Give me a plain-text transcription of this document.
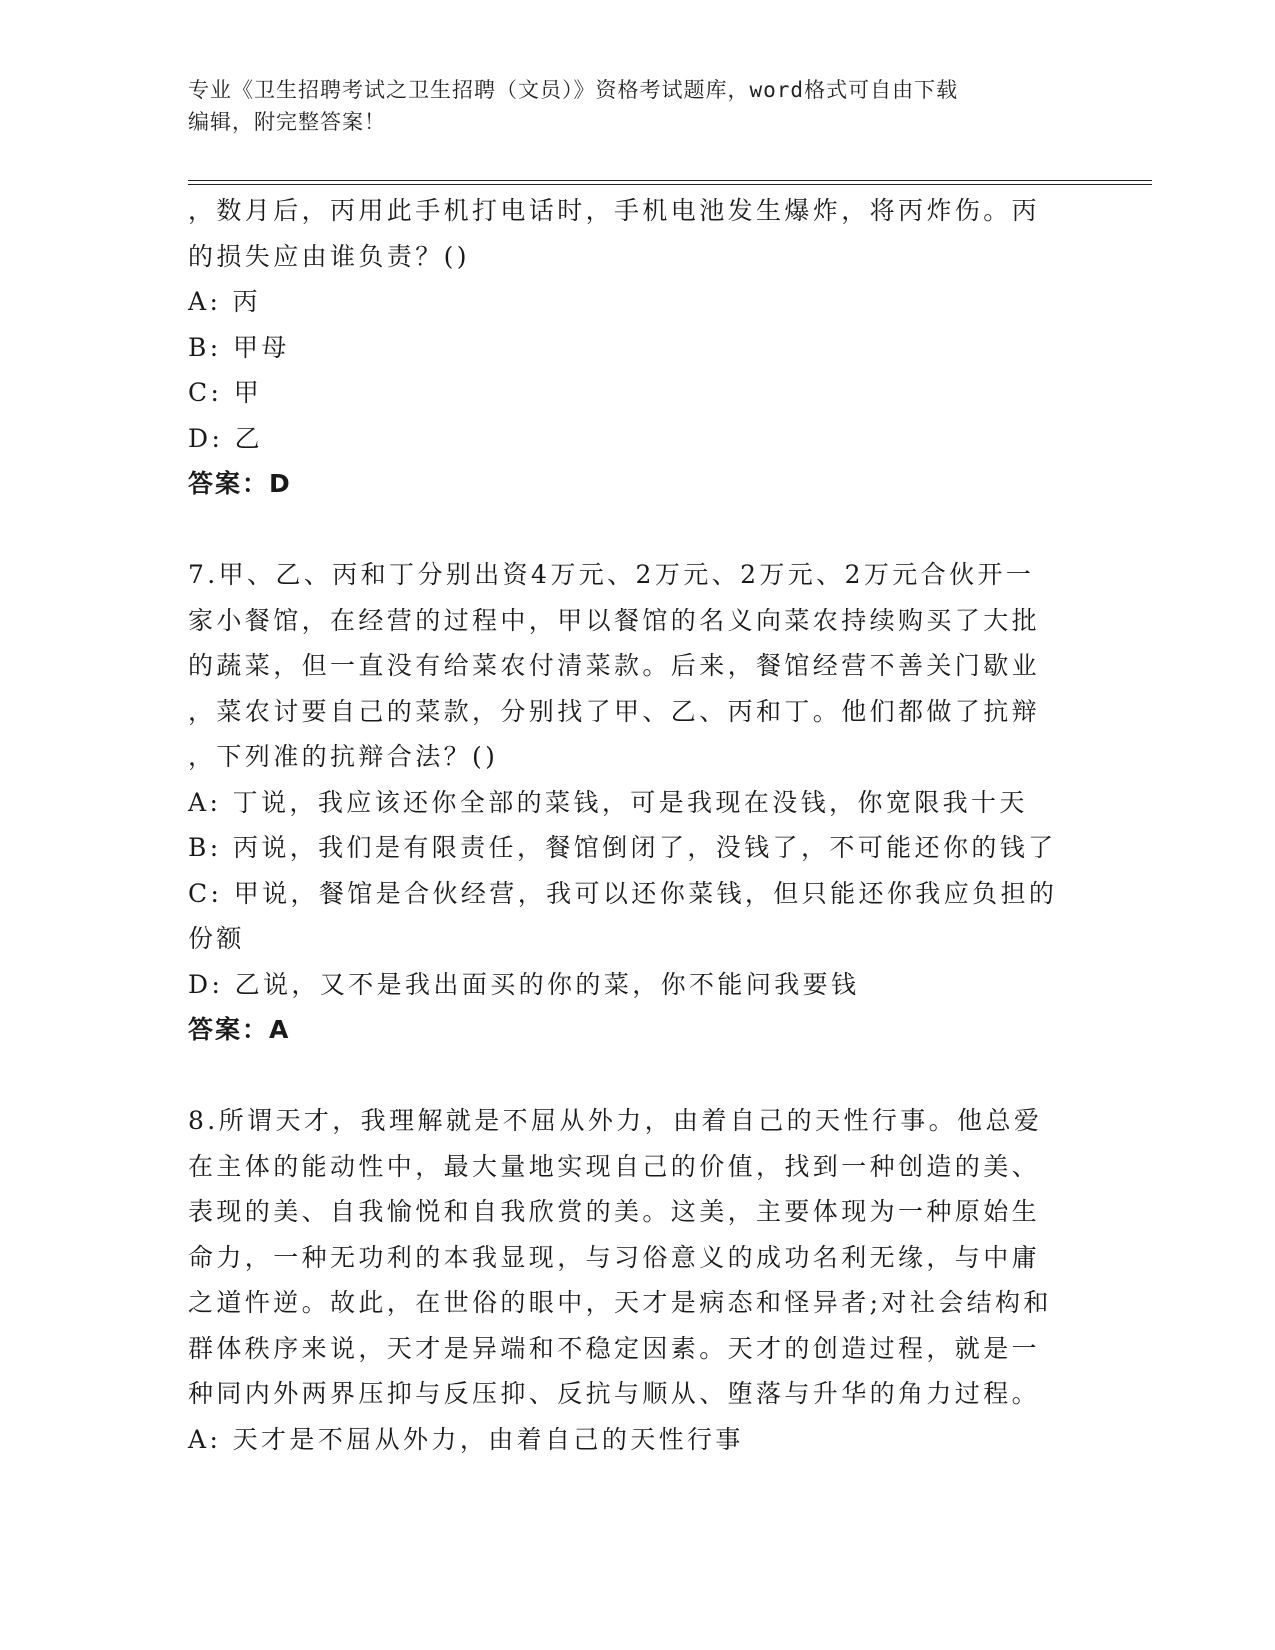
专业《卫生招聘考试之卫生招聘（文员）》资格考试题库，word格式可自由下载
编辑，附完整答案！
，数月后，丙用此手机打电话时，手机电池发生爆炸，将丙炸伤。丙
的损失应由谁负责？()
A: 丙
B: 甲母
C: 甲
D: 乙
答案：D
7.甲、乙、丙和丁分别出资4万元、2万元、2万元、2万元合伙开一
家小餐馆，在经营的过程中，甲以餐馆的名义向菜农持续购买了大批
的蔬菜，但一直没有给菜农付清菜款。后来，餐馆经营不善关门歇业
，菜农讨要自己的菜款，分别找了甲、乙、丙和丁。他们都做了抗辩
，下列准的抗辩合法？()
A: 丁说，我应该还你全部的菜钱，可是我现在没钱，你宽限我十天
B: 丙说，我们是有限责任，餐馆倒闭了，没钱了，不可能还你的钱了
C: 甲说，餐馆是合伙经营，我可以还你菜钱，但只能还你我应负担的
份额
D: 乙说，又不是我出面买的你的菜，你不能问我要钱
答案：A
8.所谓天才，我理解就是不屈从外力，由着自己的天性行事。他总爱
在主体的能动性中，最大量地实现自己的价值，找到一种创造的美、
表现的美、自我愉悦和自我欣赏的美。这美，主要体现为一种原始生
命力，一种无功利的本我显现，与习俗意义的成功名利无缘，与中庸
之道忤逆。故此，在世俗的眼中，天才是病态和怪异者;对社会结构和
群体秩序来说，天才是异端和不稳定因素。天才的创造过程，就是一
种同内外两界压抑与反压抑、反抗与顺从、堕落与升华的角力过程。
A: 天才是不屈从外力，由着自己的天性行事
